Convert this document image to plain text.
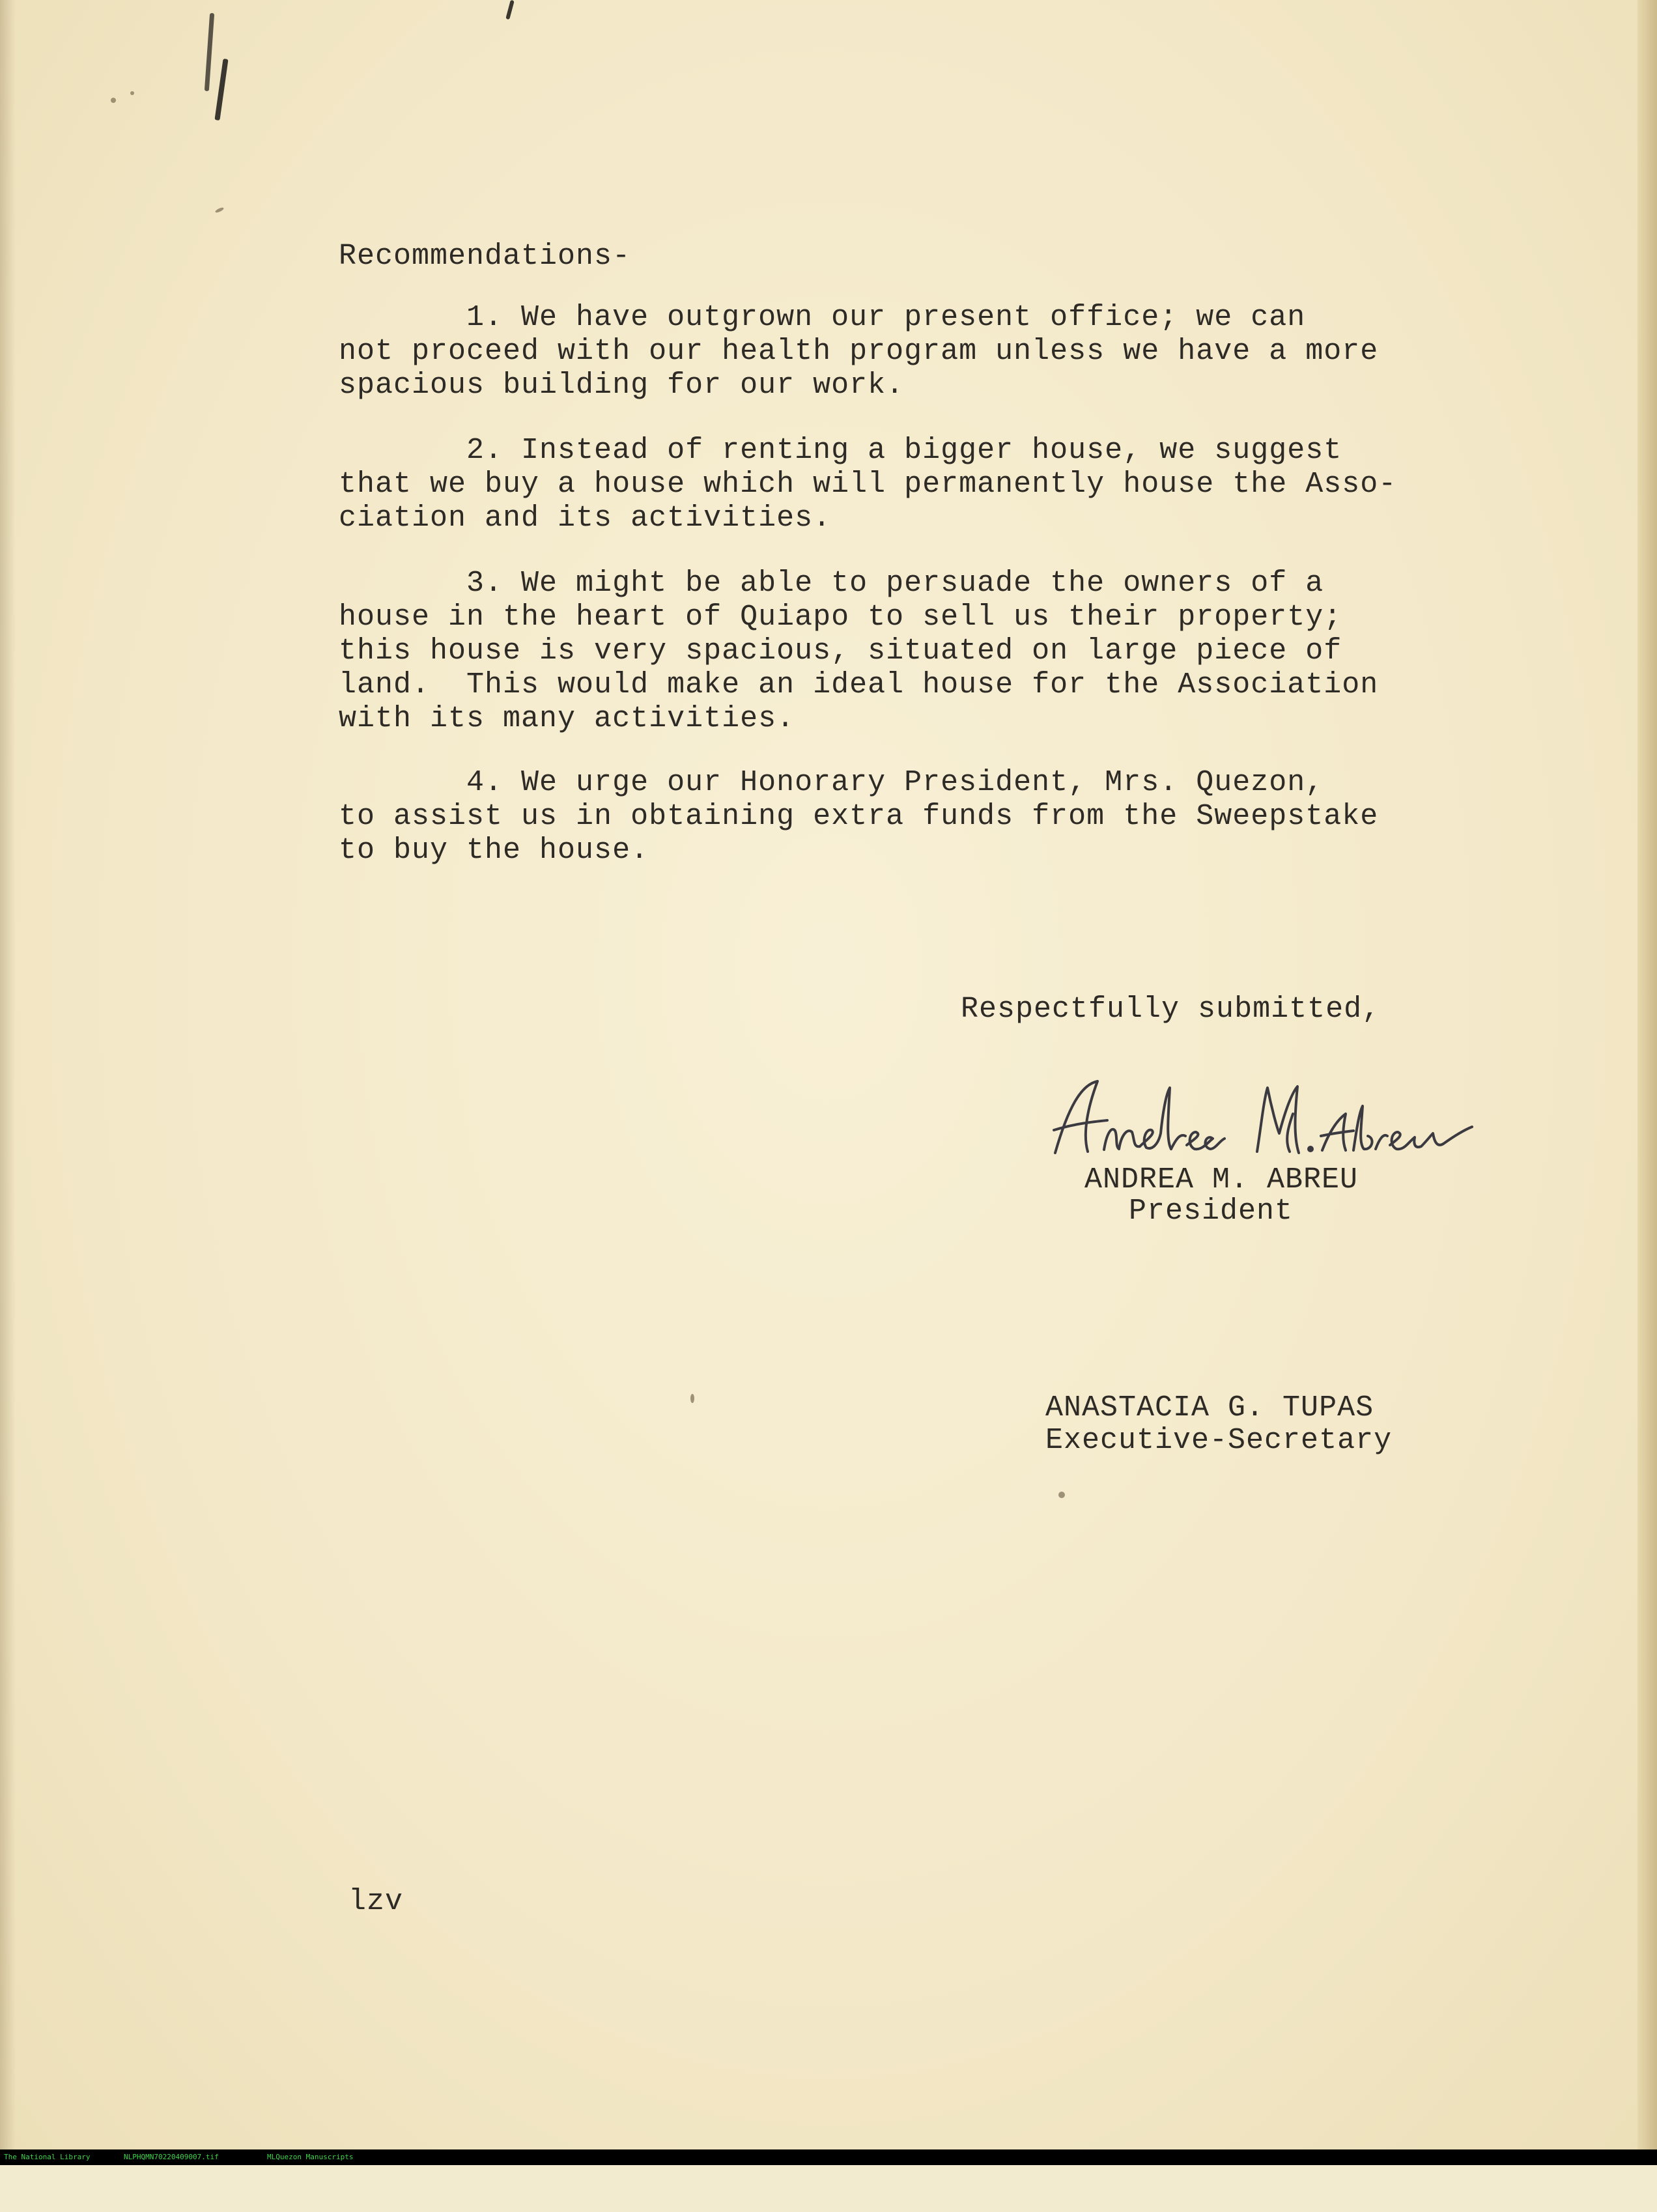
Recommendations-
1. We have outgrown our present office; we can
not proceed with our health program unless we have a more
spacious building for our work.
2. Instead of renting a bigger house, we suggest
that we buy a house which will permanently house the Asso-
ciation and its activities.
3. We might be able to persuade the owners of a
house in the heart of Quiapo to sell us their property;
this house is very spacious, situated on large piece of
land.  This would make an ideal house for the Association
with its many activities.
4. We urge our Honorary President, Mrs. Quezon,
to assist us in obtaining extra funds from the Sweepstake
to buy the house.
Respectfully submitted,
ANDREA M. ABREU
President
ANASTACIA G. TUPAS
Executive-Secretary
lzv

The National Library

	NLPHQMN70220409007.tif

	MLQuezon Manuscripts
